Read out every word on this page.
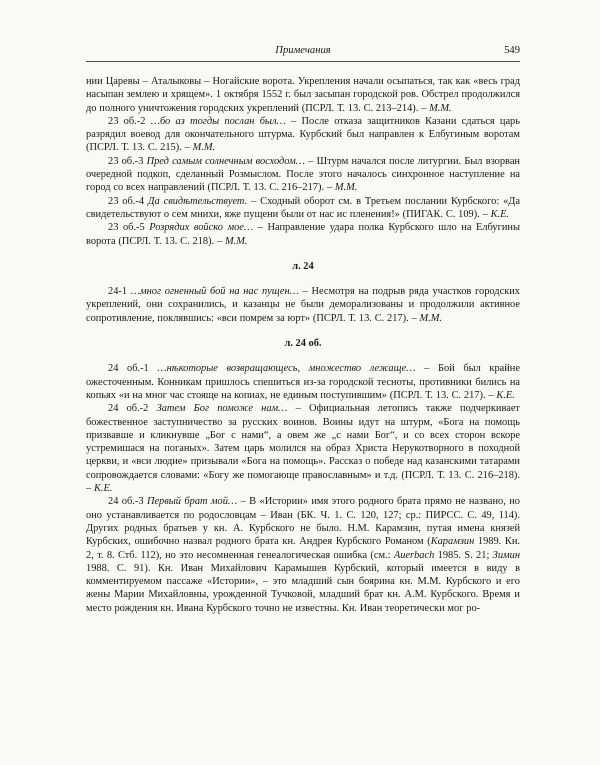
Примечания	549

нии Царевы – Аталыковы – Ногайские ворота. Укрепления начали осыпаться, так как «весь град насыпан землею и хрящем». 1 октября 1552 г. был засыпан городской ров. Обстрел продолжился до полного уничтожения городских укреплений (ПСРЛ. Т. 13. С. 213–214). – М.М.

23 об.-2 …бо аз тогды послан был… – После отказа защитников Казани сдаться царь разрядил воевод для окончательного штурма. Курбский был направлен к Елбугиным воротам (ПСРЛ. Т. 13. С. 215). – М.М.

23 об.-3 Пред самым солнечным восходом… – Штурм начался после литургии. Был взорван очередной подкоп, сделанный Розмыслом. После этого началось синхронное наступление на город со всех направлений (ПСРЛ. Т. 13. С. 216–217). – М.М.

23 об.-4 Да свидѣтельствует. – Сходный оборот см. в Третьем послании Курбского: «Да свидетельствуют о сем мнихи, яже пущени были от нас ис пленения!» (ПИГАК. С. 109). – К.Е.

23 об.-5 Розрядих войско мое… – Направление удара полка Курбского шло на Елбугины ворота (ПСРЛ. Т. 13. С. 218). – М.М.

л. 24

24-1 …мног огненный бой на нас пущен… – Несмотря на подрыв ряда участков городских укреплений, они сохранились, и казанцы не были деморализованы и продолжили активное сопротивление, поклявшись: «вси помрем за юрт» (ПСРЛ. Т. 13. С. 217). – М.М.

л. 24 об.

24 об.-1 …нѣкоторые возвращающесь, множество лежаще… – Бой был крайне ожесточенным. Конникам пришлось спешиться из-за городской тесноты, противники бились на копьях «и на мног час стояще на копиах, не единым поступившим» (ПСРЛ. Т. 13. С. 217). – К.Е.

24 об.-2 Затем Бог поможе нам… – Официальная летопись также подчеркивает божественное заступничество за русских воинов. Воины идут на штурм, «Бога на помощь призвавше и кликнувше „Бог с нами“, а овем же „с нами Бог“, и со всех сторон вскоре устремишася на поганых». Затем царь молился на образ Христа Нерукотворного в походной церкви, и «вси людие» призывали «Бога на помощь». Рассказ о победе над казанскими татарами сопровождается словами: «Богу же помогающе православным» и т.д. (ПСРЛ. Т. 13. С. 216–218). – К.Е.

24 об.-3 Первый брат мой… – В «Истории» имя этого родного брата прямо не названо, но оно устанавливается по родословцам – Иван (БК. Ч. 1. С. 120, 127; ср.: ПИРСС. С. 49, 114). Других родных братьев у кн. А. Курбского не было. Н.М. Карамзин, путая имена князей Курбских, ошибочно назвал родного брата кн. Андрея Курбского Романом (Карамзин 1989. Кн. 2, т. 8. Стб. 112), но это несомненная генеалогическая ошибка (см.: Auerbach 1985. S. 21; Зимин 1988. С. 91). Кн. Иван Михайлович Карамышев Курбский, который имеется в виду в комментируемом пассаже «Истории», – это младший сын боярина кн. М.М. Курбского и его жены Марии Михайловны, урожденной Тучковой, младший брат кн. А.М. Курбского. Время и место рождения кн. Ивана Курбского точно не известны. Кн. Иван теоретически мог ро-
